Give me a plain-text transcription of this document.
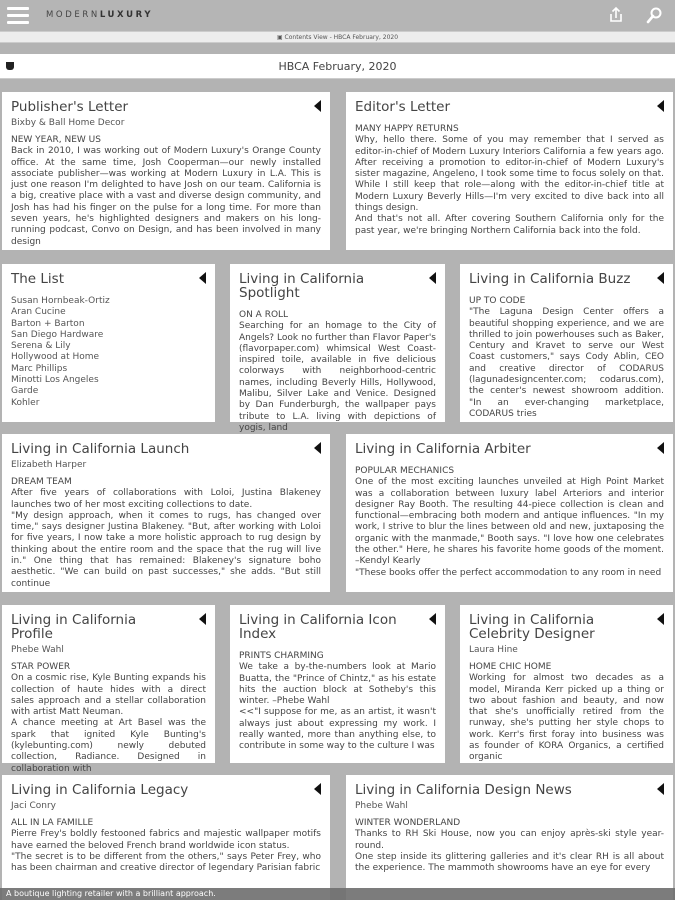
MODERNLUXURY
▣ Contents View - HBCA February, 2020
HBCA February, 2020
Publisher's Letter
Bixby & Ball Home Decor
NEW YEAR, NEW US

Back in 2010, I was working out of Modern Luxury's Orange County office. At the same time, Josh Cooperman—our newly installed associate publisher—was working at Modern Luxury in L.A. This is just one reason I'm delighted to have Josh on our team. California is a big, creative place with a vast and diverse design community, and Josh has had his finger on the pulse for a long time. For more than seven years, he's highlighted designers and makers on his long-running podcast, Convo on Design, and has been involved in many design

Editor's Letter
MANY HAPPY RETURNS

Why, hello there. Some of you may remember that I served as editor-in-chief of Modern Luxury Interiors California a few years ago. After receiving a promotion to editor-in-chief of Modern Luxury's sister magazine, Angeleno, I took some time to focus solely on that. While I still keep that role—along with the editor-in-chief title at Modern Luxury Beverly Hills—I'm very excited to dive back into all things design.

And that's not all. After covering Southern California only for the past year, we're bringing Northern California back into the fold.

The List
Susan Hornbeak-Ortiz
Aran Cucine
Barton + Barton
San Diego Hardware
Serena & Lily
Hollywood at Home
Marc Phillips
Minotti Los Angeles
Garde
Kohler
Living in California Spotlight
ON A ROLL

Searching for an homage to the City of Angels? Look no further than Flavor Paper's (flavorpaper.com) whimsical West Coast-inspired toile, available in five delicious colorways with neighborhood-centric names, including Beverly Hills, Hollywood, Malibu, Silver Lake and Venice. Designed by Dan Funderburgh, the wallpaper pays tribute to L.A. living with depictions of yogis, land

Living in California Buzz
UP TO CODE

"The Laguna Design Center offers a beautiful shopping experience, and we are thrilled to join powerhouses such as Baker, Century and Kravet to serve our West Coast customers," says Cody Ablin, CEO and creative director of CODARUS (lagunadesigncenter.com; codarus.com), the center's newest showroom addition. "In an ever-changing marketplace, CODARUS tries

Living in California Launch
Elizabeth Harper
DREAM TEAM

After five years of collaborations with Loloi, Justina Blakeney launches two of her most exciting collections to date.

"My design approach, when it comes to rugs, has changed over time," says designer Justina Blakeney. "But, after working with Loloi for five years, I now take a more holistic approach to rug design by thinking about the entire room and the space that the rug will live in." One thing that has remained: Blakeney's signature boho aesthetic. "We can build on past successes," she adds. "But still continue

Living in California Arbiter
POPULAR MECHANICS

One of the most exciting launches unveiled at High Point Market was a collaboration between luxury label Arteriors and interior designer Ray Booth. The resulting 44-piece collection is clean and functional—embracing both modern and antique influences. "In my work, I strive to blur the lines between old and new, juxtaposing the organic with the manmade," Booth says. "I love how one celebrates the other." Here, he shares his favorite home goods of the moment. –Kendyl Kearly

"These books offer the perfect accommodation to any room in need

Living in California Profile
Phebe Wahl
STAR POWER

On a cosmic rise, Kyle Bunting expands his collection of haute hides with a direct sales approach and a stellar collaboration with artist Matt Neuman.

A chance meeting at Art Basel was the spark that ignited Kyle Bunting's (kylebunting.com) newly debuted collection, Radiance. Designed in collaboration with

Living in California Icon Index
PRINTS CHARMING

We take a by-the-numbers look at Mario Buatta, the "Prince of Chintz," as his estate hits the auction block at Sotheby's this winter. –Phebe Wahl

<<"I suppose for me, as an artist, it wasn't always just about expressing my work. I really wanted, more than anything else, to contribute in some way to the culture I was

Living in California Celebrity Designer
Laura Hine
HOME CHIC HOME

Working for almost two decades as a model, Miranda Kerr picked up a thing or two about fashion and beauty, and now that she's unofficially retired from the runway, she's putting her style chops to work. Kerr's first foray into business was as founder of KORA Organics, a certified organic

Living in California Legacy
Jaci Conry
ALL IN LA FAMILLE

Pierre Frey's boldly festooned fabrics and majestic wallpaper motifs have earned the beloved French brand worldwide icon status.

"The secret is to be different from the others," says Peter Frey, who has been chairman and creative director of legendary Parisian fabric

Living in California Design News
Phebe Wahl
WINTER WONDERLAND

Thanks to RH Ski House, now you can enjoy après-ski style year-round.

One step inside its glittering galleries and it's clear RH is all about the experience. The mammoth showrooms have an eye for every

A boutique lighting retailer with a brilliant approach.
